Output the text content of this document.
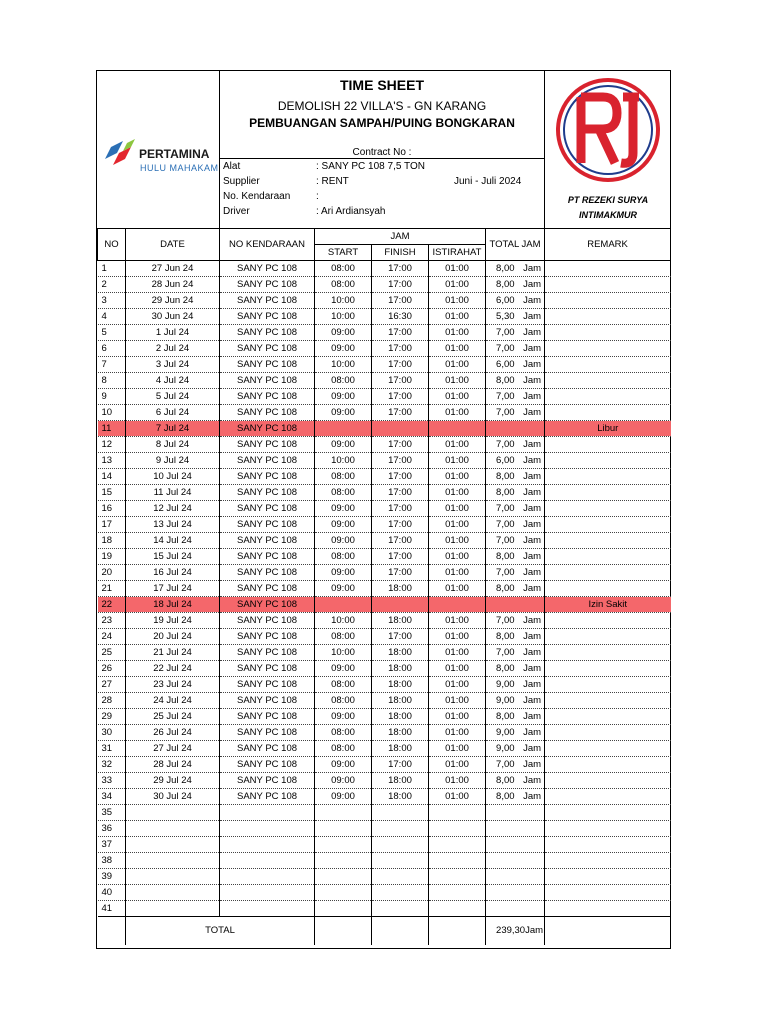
PERTAMINA
HULU MAHAKAM
TIME SHEET
DEMOLISH 22 VILLA'S - GN KARANG
PEMBUANGAN SAMPAH/PUING BONGKARAN
Contract No :
Alat	: SANY PC 108 7,5 TON
Supplier	: RENT	Juni - Juli 2024
No. Kendaraan	:
Driver	: Ari Ardiansyah
PT REZEKI SURYA
INTIMAKMUR
NO	DATE	NO KENDARAAN	JAM			TOTAL JAM	REMARK
			START	FINISH	ISTIRAHAT		
1	27 Jun 24	SANY PC 108	08:00	17:00	01:00	8,00 Jam	

2	28 Jun 24	SANY PC 108	08:00	17:00	01:00	8,00 Jam	

3	29 Jun 24	SANY PC 108	10:00	17:00	01:00	6,00 Jam	

4	30 Jun 24	SANY PC 108	10:00	16:30	01:00	5,30 Jam	

5	1 Jul 24	SANY PC 108	09:00	17:00	01:00	7,00 Jam	

6	2 Jul 24	SANY PC 108	09:00	17:00	01:00	7,00 Jam	

7	3 Jul 24	SANY PC 108	10:00	17:00	01:00	6,00 Jam	

8	4 Jul 24	SANY PC 108	08:00	17:00	01:00	8,00 Jam	

9	5 Jul 24	SANY PC 108	09:00	17:00	01:00	7,00 Jam	

10	6 Jul 24	SANY PC 108	09:00	17:00	01:00	7,00 Jam	

11	7 Jul 24	SANY PC 108					Libur
12	8 Jul 24	SANY PC 108	09:00	17:00	01:00	7,00 Jam	

13	9 Jul 24	SANY PC 108	10:00	17:00	01:00	6,00 Jam	

14	10 Jul 24	SANY PC 108	08:00	17:00	01:00	8,00 Jam	

15	11 Jul 24	SANY PC 108	08:00	17:00	01:00	8,00 Jam	

16	12 Jul 24	SANY PC 108	09:00	17:00	01:00	7,00 Jam	

17	13 Jul 24	SANY PC 108	09:00	17:00	01:00	7,00 Jam	

18	14 Jul 24	SANY PC 108	09:00	17:00	01:00	7,00 Jam	

19	15 Jul 24	SANY PC 108	08:00	17:00	01:00	8,00 Jam	

20	16 Jul 24	SANY PC 108	09:00	17:00	01:00	7,00 Jam	

21	17 Jul 24	SANY PC 108	09:00	18:00	01:00	8,00 Jam	

22	18 Jul 24	SANY PC 108					Izin Sakit
23	19 Jul 24	SANY PC 108	10:00	18:00	01:00	7,00 Jam	

24	20 Jul 24	SANY PC 108	08:00	17:00	01:00	8,00 Jam	

25	21 Jul 24	SANY PC 108	10:00	18:00	01:00	7,00 Jam	

26	22 Jul 24	SANY PC 108	09:00	18:00	01:00	8,00 Jam	

27	23 Jul 24	SANY PC 108	08:00	18:00	01:00	9,00 Jam	

28	24 Jul 24	SANY PC 108	08:00	18:00	01:00	9,00 Jam	

29	25 Jul 24	SANY PC 108	09:00	18:00	01:00	8,00 Jam	

30	26 Jul 24	SANY PC 108	08:00	18:00	01:00	9,00 Jam	

31	27 Jul 24	SANY PC 108	08:00	18:00	01:00	9,00 Jam	

32	28 Jul 24	SANY PC 108	09:00	17:00	01:00	7,00 Jam	

33	29 Jul 24	SANY PC 108	09:00	18:00	01:00	8,00 Jam	

34	30 Jul 24	SANY PC 108	09:00	18:00	01:00	8,00 Jam	

35						

36						

37						

38						

39						

40						

41						

	TOTAL					239,30 Jam	
